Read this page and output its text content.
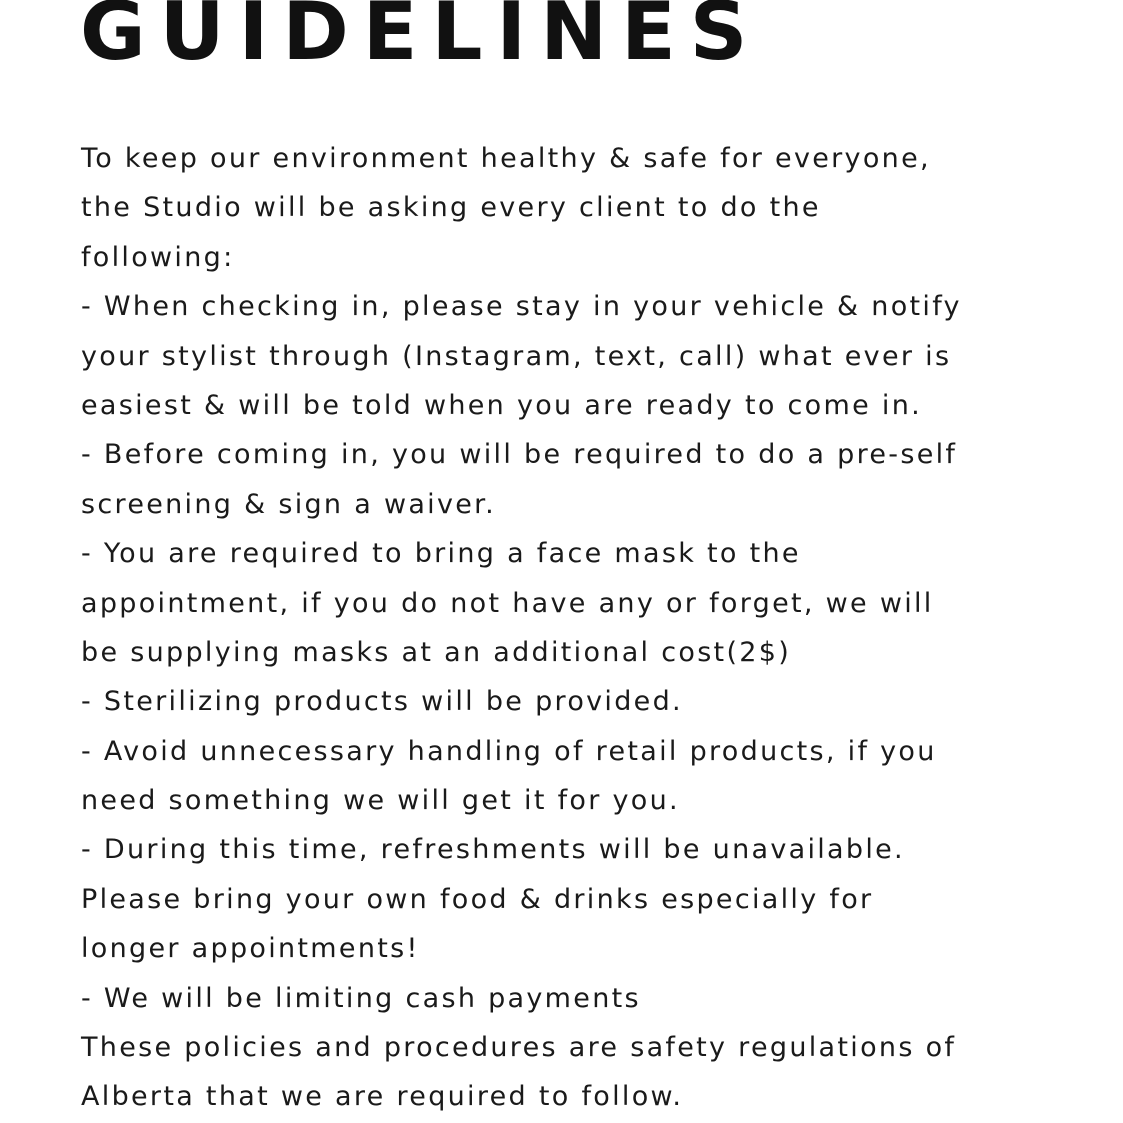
GUIDELINES
To keep our environment healthy & safe for everyone,
the Studio will be asking every client to do the
following:
- When checking in, please stay in your vehicle & notify
your stylist through (Instagram, text, call) what ever is
easiest & will be told when you are ready to come in.
- Before coming in, you will be required to do a pre-self
screening & sign a waiver.
- You are required to bring a face mask to the
appointment, if you do not have any or forget, we will
be supplying masks at an additional cost(2$)
- Sterilizing products will be provided.
- Avoid unnecessary handling of retail products, if you
need something we will get it for you.
- During this time, refreshments will be unavailable.
Please bring your own food & drinks especially for
longer appointments!
- We will be limiting cash payments
These policies and procedures are safety regulations of
Alberta that we are required to follow.
